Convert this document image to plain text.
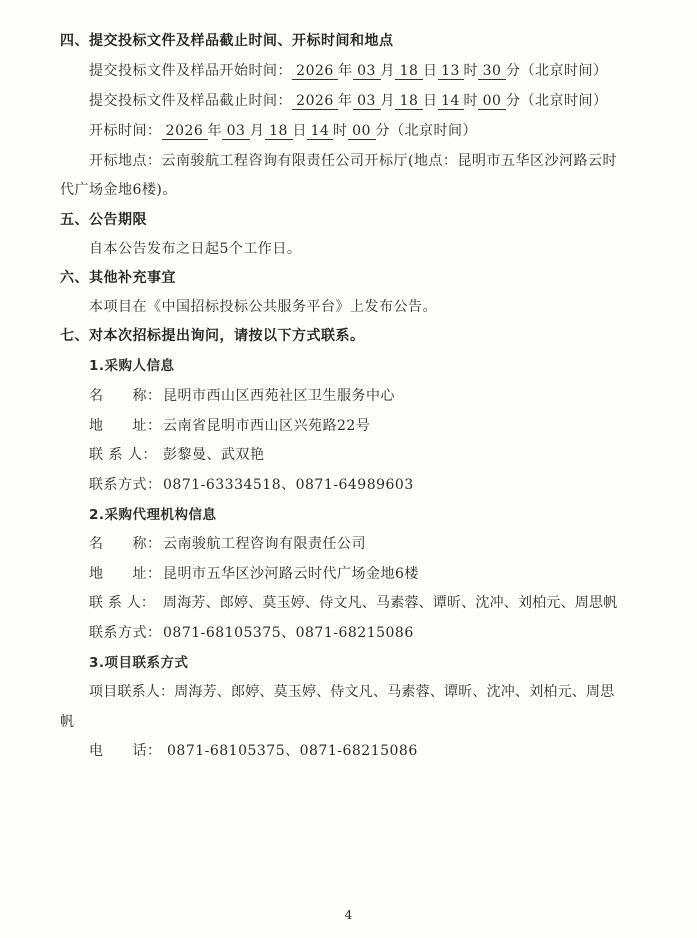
四、提交投标文件及样品截止时间、开标时间和地点
提交投标文件及样品开始时间： 2026 年 03 月 18 日 13 时 30 分（北京时间）
提交投标文件及样品截止时间： 2026 年 03 月 18 日 14 时 00 分（北京时间）
开标时间： 2026 年 03 月 18 日 14 时 00 分（北京时间）
开标地点：云南骏航工程咨询有限责任公司开标厅(地点：昆明市五华区沙河路云时
代广场金地6楼)。
五、公告期限
自本公告发布之日起5个工作日。
六、其他补充事宜
本项目在《中国招标投标公共服务平台》上发布公告。
七、对本次招标提出询问，请按以下方式联系。
1.采购人信息
名　　称： 昆明市西山区西苑社区卫生服务中心
地　　址： 云南省昆明市西山区兴苑路22号
联 系 人： 彭黎曼、武双艳
联系方式： 0871-63334518、0871-64989603
2.采购代理机构信息
名　　称： 云南骏航工程咨询有限责任公司
地　　址： 昆明市五华区沙河路云时代广场金地6楼
联 系 人： 周海芳、郎婷、莫玉婷、侍文凡、马素蓉、谭昕、沈冲、刘柏元、周思帆
联系方式： 0871-68105375、0871-68215086
3.项目联系方式
项目联系人：周海芳、郎婷、莫玉婷、侍文凡、马素蓉、谭昕、沈冲、刘柏元、周思
帆
电　　话： 0871-68105375、0871-68215086
4
